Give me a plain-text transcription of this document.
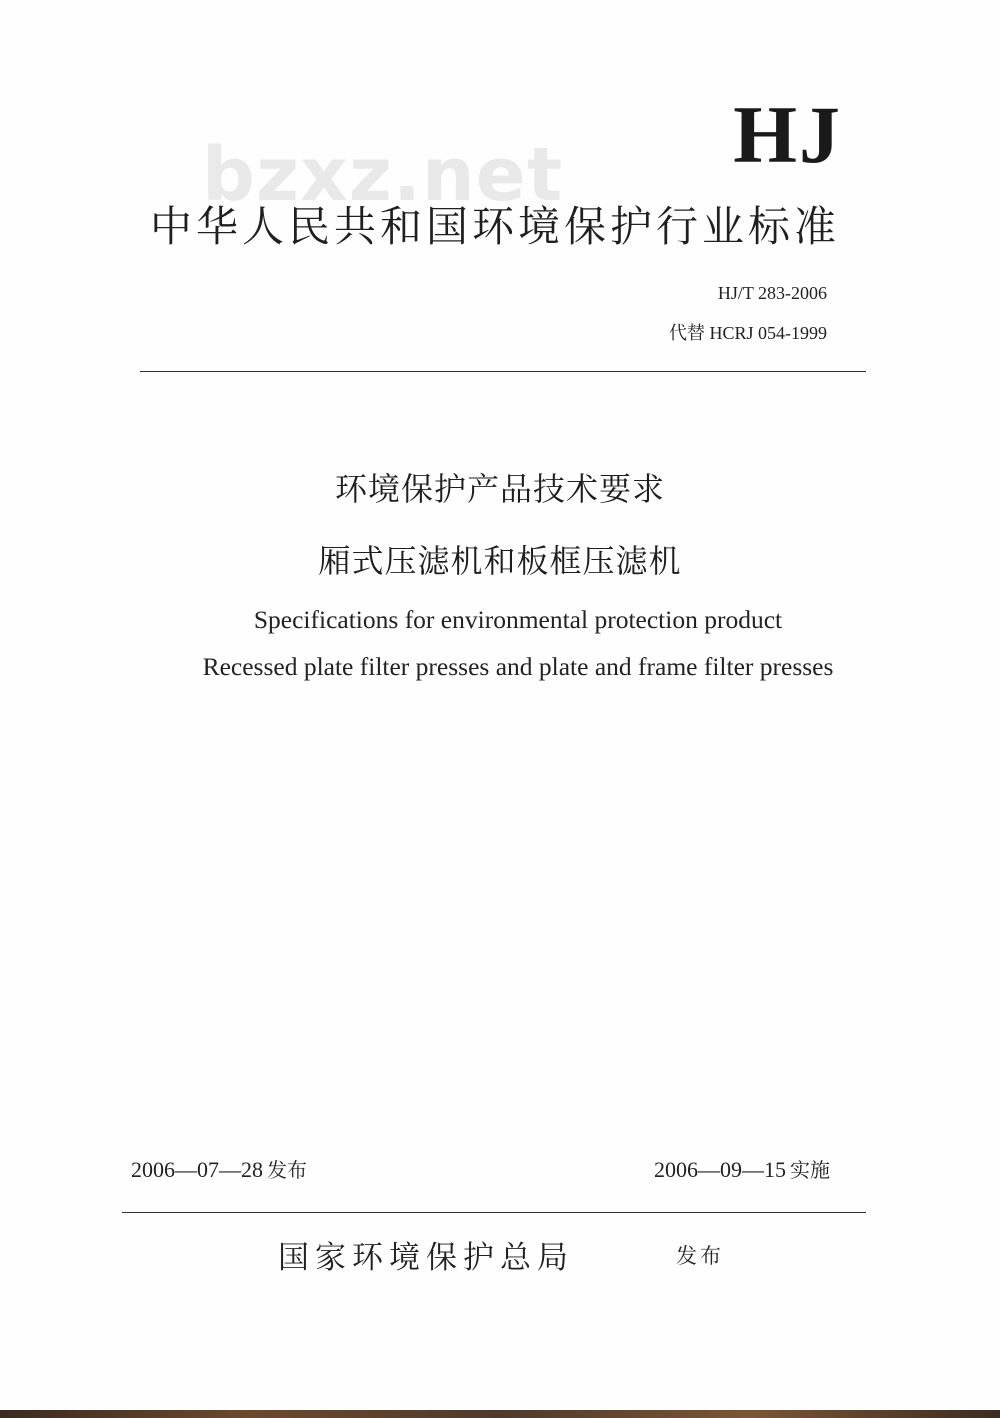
bzxz.net HJ
中华人民共和国环境保护行业标准
HJ/T 283-2006
代替 HCRJ 054-1999
环境保护产品技术要求
厢式压滤机和板框压滤机
Specifications for environmental protection product
Recessed plate filter presses and plate and frame filter presses
2006—07—28 发布	2006—09—15 实施
国家环境保护总局	发布
